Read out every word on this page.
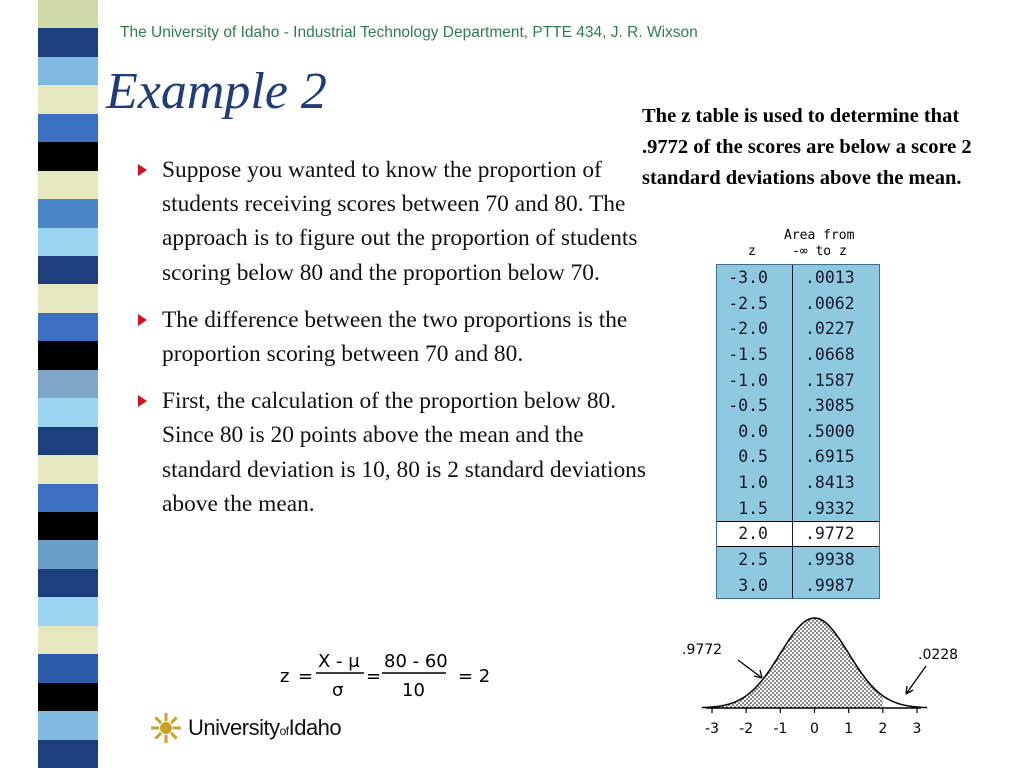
The University of Idaho - Industrial Technology Department, PTTE 434, J. R. Wixson
Example 2
Suppose you wanted to know the proportion of students receiving scores between 70 and 80. The approach is to figure out the proportion of students scoring below 80 and the proportion below 70.
The difference between the two proportions is the proportion scoring between 70 and 80.
First, the calculation of the proportion below 80. Since 80 is 20 points above the mean and the standard deviation is 10, 80 is 2 standard deviations above the mean.
The z table is used to determine that .9772 of the scores are below a score 2 standard deviations above the mean.
Area from
z	-∞ to z
-3.0	.0013
-2.5	.0062
-2.0	.0227
-1.5	.0668
-1.0	.1587
-0.5	.3085
0.0	.5000
0.5	.6915
1.0	.8413
1.5	.9332
2.0	.9772
2.5	.9938
3.0	.9987
z =
X - μ
σ
=
80 - 60
10
= 2
-3 -2 -1 0 1 2 3
.9772	.0228
UniversityofIdaho
